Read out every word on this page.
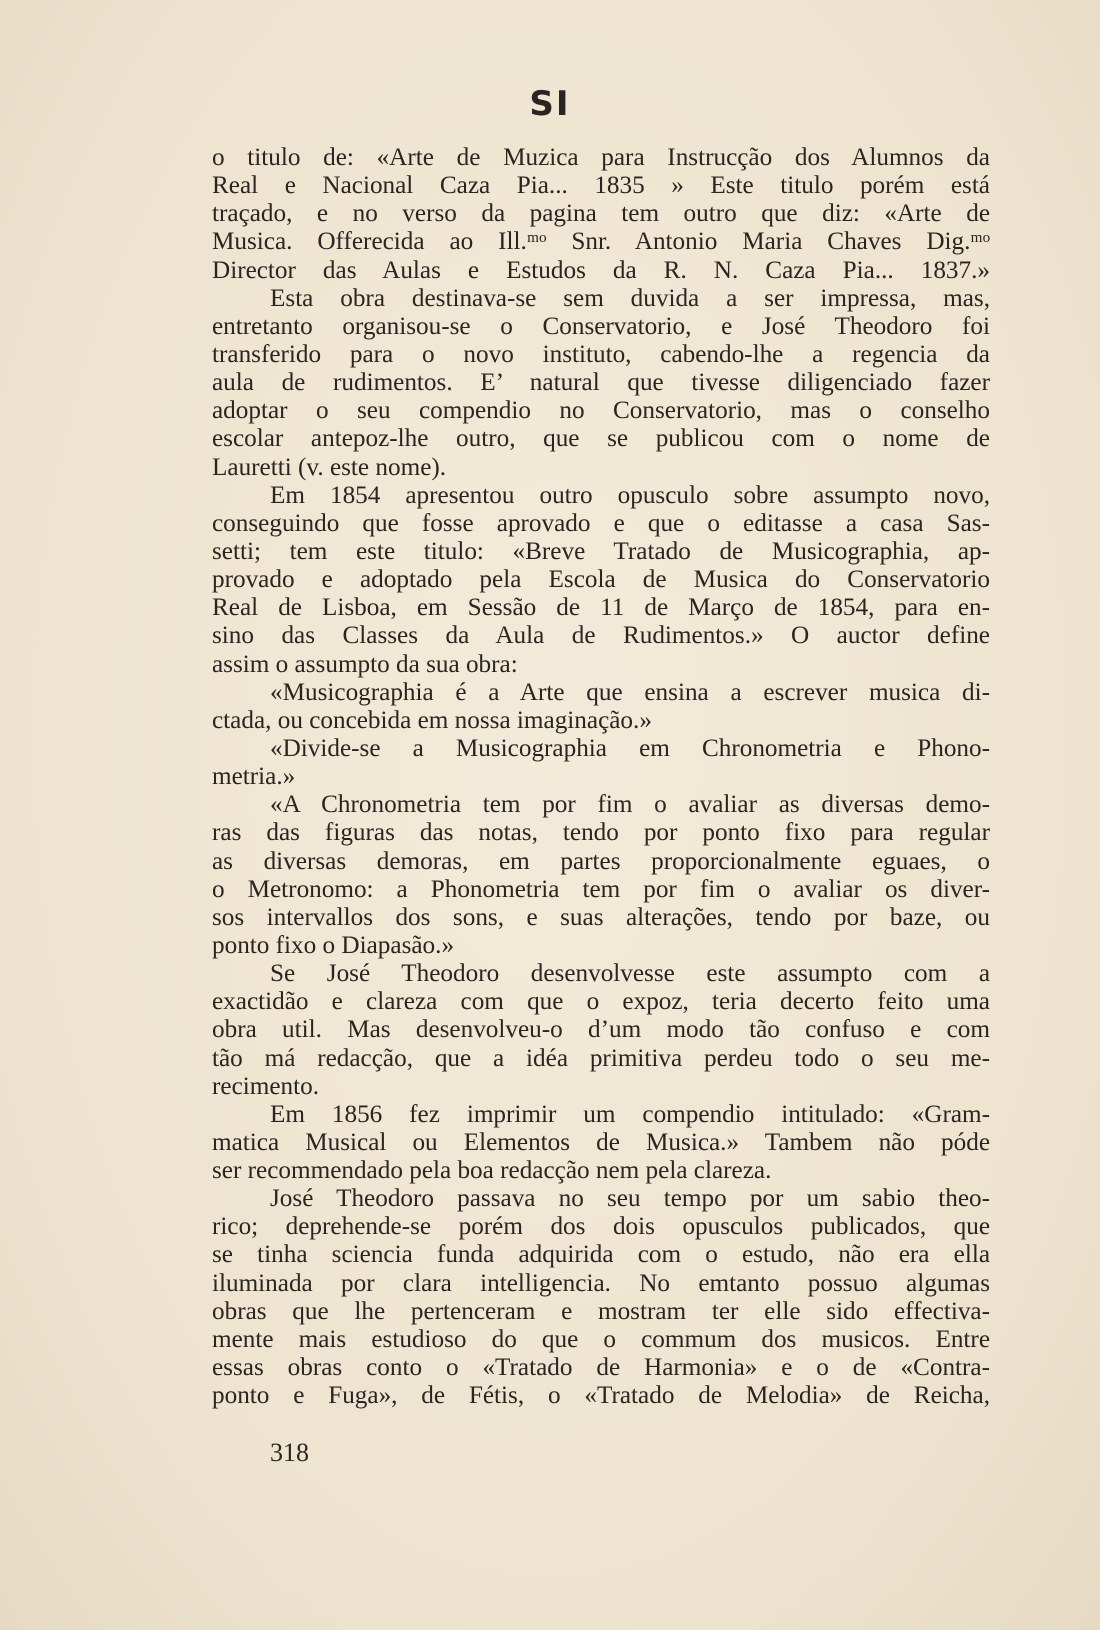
SI
o titulo de: «Arte de Muzica para Instrucção dos Alumnos da
Real e Nacional Caza Pia... 1835 » Este titulo porém está
traçado, e no verso da pagina tem outro que diz: «Arte de
Musica. Offerecida ao Ill.ᵐᵒ Snr. Antonio Maria Chaves Dig.ᵐᵒ
Director das Aulas e Estudos da R. N. Caza Pia... 1837.»
Esta obra destinava-se sem duvida a ser impressa, mas,
entretanto organisou-se o Conservatorio, e José Theodoro foi
transferido para o novo instituto, cabendo-lhe a regencia da
aula de rudimentos. E’ natural que tivesse diligenciado fazer
adoptar o seu compendio no Conservatorio, mas o conselho
escolar antepoz-lhe outro, que se publicou com o nome de
Lauretti (v. este nome).
Em 1854 apresentou outro opusculo sobre assumpto novo,
conseguindo que fosse aprovado e que o editasse a casa Sas-
setti; tem este titulo: «Breve Tratado de Musicographia, ap-
provado e adoptado pela Escola de Musica do Conservatorio
Real de Lisboa, em Sessão de 11 de Março de 1854, para en-
sino das Classes da Aula de Rudimentos.» O auctor define
assim o assumpto da sua obra:
«Musicographia é a Arte que ensina a escrever musica di-
ctada, ou concebida em nossa imaginação.»
«Divide-se a Musicographia em Chronometria e Phono-
metria.»
«A Chronometria tem por fim o avaliar as diversas demo-
ras das figuras das notas, tendo por ponto fixo para regular
as diversas demoras, em partes proporcionalmente eguaes, o
o Metronomo: a Phonometria tem por fim o avaliar os diver-
sos intervallos dos sons, e suas alterações, tendo por baze, ou
ponto fixo o Diapasão.»
Se José Theodoro desenvolvesse este assumpto com a
exactidão e clareza com que o expoz, teria decerto feito uma
obra util. Mas desenvolveu-o d’um modo tão confuso e com
tão má redacção, que a idéa primitiva perdeu todo o seu me-
recimento.
Em 1856 fez imprimir um compendio intitulado: «Gram-
matica Musical ou Elementos de Musica.» Tambem não póde
ser recommendado pela boa redacção nem pela clareza.
José Theodoro passava no seu tempo por um sabio theo-
rico; deprehende-se porém dos dois opusculos publicados, que
se tinha sciencia funda adquirida com o estudo, não era ella
iluminada por clara intelligencia. No emtanto possuo algumas
obras que lhe pertenceram e mostram ter elle sido effectiva-
mente mais estudioso do que o commum dos musicos. Entre
essas obras conto o «Tratado de Harmonia» e o de «Contra-
ponto e Fuga», de Fétis, o «Tratado de Melodia» de Reicha,
318
